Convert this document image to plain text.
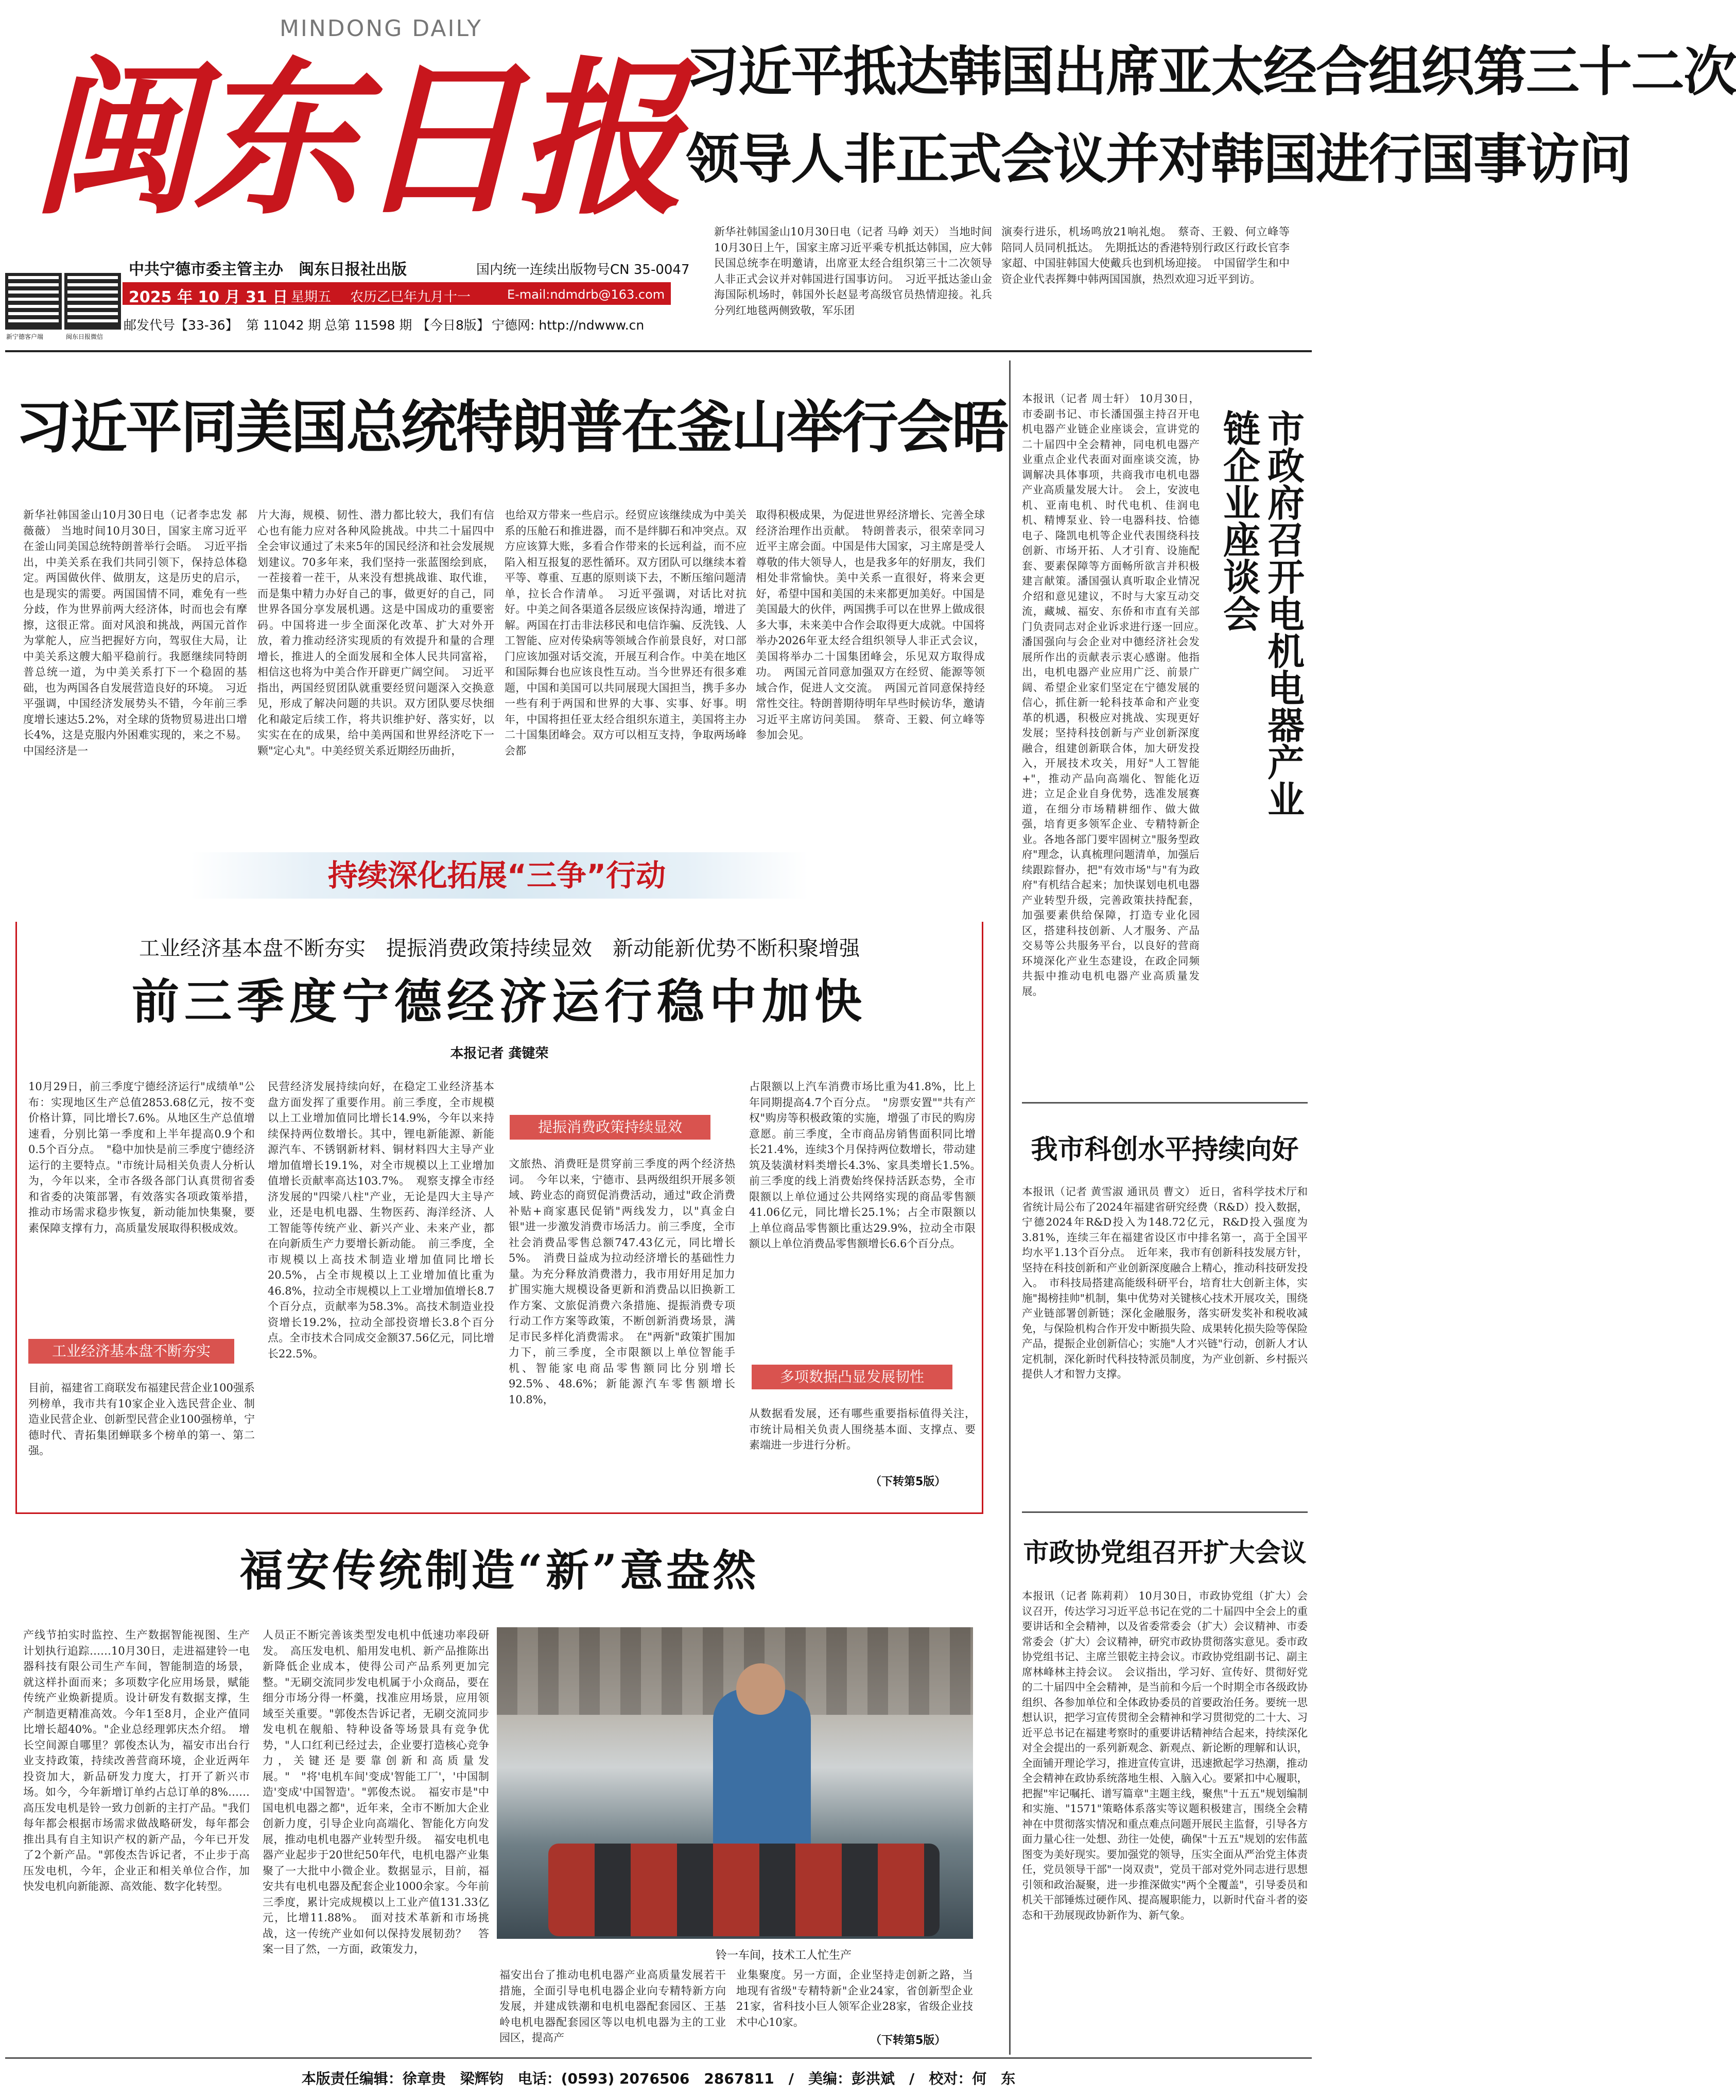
MINDONG DAILY
闽东日报
中共宁德市委主管主办　闽东日报社出版	国内统一连续出版物号CN 35-0047
2025 年 10 月 31 日 星期五 农历乙巳年九月十一	E-mail:ndmdrb@163.com
邮发代号【33-36】 第 11042 期 总第 11598 期 【今日8版】 宁德网: http://ndwww.cn
新宁德客户端	闽东日报微信
习近平抵达韩国出席亚太经合组织第三十二次
领导人非正式会议并对韩国进行国事访问
新华社韩国釜山10月30日电（记者 马峥 刘天） 当地时间10月30日上午，国家主席习近平乘专机抵达韩国，应大韩民国总统李在明邀请，出席亚太经合组织第三十二次领导人非正式会议并对韩国进行国事访问。　习近平抵达釜山金海国际机场时，韩国外长赵显考高级官员热情迎接。礼兵分列红地毯两侧致敬，军乐团
演奏行进乐，机场鸣放21响礼炮。　蔡奇、王毅、何立峰等陪同人员同机抵达。　先期抵达的香港特别行政区行政长官李家超、中国驻韩国大使戴兵也到机场迎接。　中国留学生和中资企业代表挥舞中韩两国国旗，热烈欢迎习近平到访。
习近平同美国总统特朗普在釜山举行会晤
新华社韩国釜山10月30日电（记者李忠发 郝薇薇） 当地时间10月30日，国家主席习近平在釜山同美国总统特朗普举行会晤。　习近平指出，中美关系在我们共同引领下，保持总体稳定。两国做伙伴、做朋友，这是历史的启示，也是现实的需要。两国国情不同，难免有一些分歧，作为世界前两大经济体，时而也会有摩擦，这很正常。面对风浪和挑战，两国元首作为掌舵人，应当把握好方向，驾驭住大局，让中美关系这艘大船平稳前行。我愿继续同特朗普总统一道，为中美关系打下一个稳固的基础，也为两国各自发展营造良好的环境。　习近平强调，中国经济发展势头不错，今年前三季度增长速达5.2%，对全球的货物贸易进出口增长4%，这是克服内外困难实现的，来之不易。中国经济是一
片大海，规模、韧性、潜力都比较大，我们有信心也有能力应对各种风险挑战。中共二十届四中全会审议通过了未来5年的国民经济和社会发展规划建议。70多年来，我们坚持一张蓝图绘到底，一茬接着一茬干，从来没有想挑战谁、取代谁，而是集中精力办好自己的事，做更好的自己，同世界各国分享发展机遇。这是中国成功的重要密码。中国将进一步全面深化改革、扩大对外开放，着力推动经济实现质的有效提升和量的合理增长，推进人的全面发展和全体人民共同富裕，相信这也将为中美合作开辟更广阔空间。　习近平指出，两国经贸团队就重要经贸问题深入交换意见，形成了解决问题的共识。双方团队要尽快细化和敲定后续工作，将共识维护好、落实好，以实实在在的成果，给中美两国和世界经济吃下一颗"定心丸"。中美经贸关系近期经历曲折，
也给双方带来一些启示。经贸应该继续成为中美关系的压舱石和推进器，而不是绊脚石和冲突点。双方应该算大账，多看合作带来的长远利益，而不应陷入相互报复的恶性循环。双方团队可以继续本着平等、尊重、互惠的原则谈下去，不断压缩问题清单，拉长合作清单。　习近平强调，对话比对抗好。中美之间各渠道各层级应该保持沟通，增进了解。两国在打击非法移民和电信诈骗、反洗钱、人工智能、应对传染病等领域合作前景良好，对口部门应该加强对话交流，开展互利合作。中美在地区和国际舞台也应该良性互动。当今世界还有很多难题，中国和美国可以共同展现大国担当，携手多办一些有利于两国和世界的大事、实事、好事。明年，中国将担任亚太经合组织东道主，美国将主办二十国集团峰会。双方可以相互支持，争取两场峰会都
取得积极成果，为促进世界经济增长、完善全球经济治理作出贡献。　特朗普表示，很荣幸同习近平主席会面。中国是伟大国家，习主席是受人尊敬的伟大领导人，也是我多年的好朋友，我们相处非常愉快。美中关系一直很好，将来会更好，希望中国和美国的未来都更加美好。中国是美国最大的伙伴，两国携手可以在世界上做成很多大事，未来美中合作会取得更大成就。中国将举办2026年亚太经合组织领导人非正式会议，美国将举办二十国集团峰会，乐见双方取得成功。　两国元首同意加强双方在经贸、能源等领域合作，促进人文交流。　两国元首同意保持经常性交往。特朗普期待明年早些时候访华，邀请习近平主席访问美国。　蔡奇、王毅、何立峰等参加会见。
持续深化拓展“三争”行动
工业经济基本盘不断夯实　提振消费政策持续显效　新动能新优势不断积聚增强
前三季度宁德经济运行稳中加快
本报记者 龚键荣
10月29日，前三季度宁德经济运行"成绩单"公布：实现地区生产总值2853.68亿元，按不变价格计算，同比增长7.6%。从地区生产总值增速看，分别比第一季度和上半年提高0.9个和0.5个百分点。　"稳中加快是前三季度宁德经济运行的主要特点。"市统计局相关负责人分析认为，今年以来，全市各级各部门认真贯彻省委和省委的决策部署，有效落实各项政策举措，推动市场需求稳步恢复，新动能加快集聚，要素保障支撑有力，高质量发展取得积极成效。
工业经济基本盘不断夯实
目前，福建省工商联发布福建民营企业100强系列榜单，我市共有10家企业入选民营企业、制造业民营企业、创新型民营企业100强榜单，宁德时代、青拓集团蝉联多个榜单的第一、第二强。
民营经济发展持续向好，在稳定工业经济基本盘方面发挥了重要作用。前三季度，全市规模以上工业增加值同比增长14.9%，今年以来持续保持两位数增长。其中，锂电新能源、新能源汽车、不锈钢新材料、铜材料四大主导产业增加值增长19.1%，对全市规模以上工业增加值增长贡献率高达103.7%。　观察支撑全市经济发展的"四梁八柱"产业，无论是四大主导产业，还是电机电器、生物医药、海洋经济、人工智能等传统产业、新兴产业、未来产业，都在向新质生产力要增长新动能。　前三季度，全市规模以上高技术制造业增加值同比增长20.5%，占全市规模以上工业增加值比重为46.8%，拉动全市规模以上工业增加值增长8.7个百分点，贡献率为58.3%。高技术制造业投资增长19.2%，拉动全部投资增长3.8个百分点。全市技术合同成交金额37.56亿元，同比增长22.5%。
提振消费政策持续显效
文旅热、消费旺是贯穿前三季度的两个经济热词。　今年以来，宁德市、县两级组织开展多领域、跨业态的商贸促消费活动，通过"政企消费补贴+商家惠民促销"两线发力，以"真金白银"进一步激发消费市场活力。前三季度，全市社会消费品零售总额747.43亿元，同比增长5%。　消费日益成为拉动经济增长的基础性力量。为充分释放消费潜力，我市用好用足加力扩围实施大规模设备更新和消费品以旧换新工作方案、文旅促消费六条措施、提振消费专项行动工作方案等政策，不断创新消费场景，满足市民多样化消费需求。　在"两新"政策扩围加力下，前三季度，全市限额以上单位智能手机、智能家电商品零售额同比分别增长92.5%、48.6%；新能源汽车零售额增长10.8%，
占限额以上汽车消费市场比重为41.8%，比上年同期提高4.7个百分点。　"房票安置""共有产权"购房等积极政策的实施，增强了市民的购房意愿。前三季度，全市商品房销售面积同比增长21.4%，连续3个月保持两位数增长，带动建筑及装潢材料类增长4.3%、家具类增长1.5%。　前三季度的线上消费始终保持活跃态势，全市限额以上单位通过公共网络实现的商品零售额41.06亿元，同比增长25.1%；占全市限额以上单位商品零售额比重达29.9%，拉动全市限额以上单位消费品零售额增长6.6个百分点。
多项数据凸显发展韧性
从数据看发展，还有哪些重要指标值得关注，市统计局相关负责人围绕基本面、支撑点、要素端进一步进行分析。
（下转第5版）
福安传统制造“新”意盎然
产线节拍实时监控、生产数据智能视图、生产计划执行追踪……10月30日，走进福建铃一电器科技有限公司生产车间，智能制造的场景，就这样扑面而来；多项数字化应用场景，赋能传统产业焕新提质。设计研发有数据支撑，生产制造更精准高效。今年1至8月，企业产值同比增长超40%。"企业总经理郭庆杰介绍。　增长空间源自哪里？郭俊杰认为，福安市出台行业支持政策，持续改善营商环境，企业近两年投资加大，新品研发力度大，打开了新兴市场。如今，今年新增订单约占总订单的8%……　高压发电机是铃一致力创新的主打产品。"我们每年都会根据市场需求做战略研发，每年都会推出具有自主知识产权的新产品，今年已开发了2个新产品。"郭俊杰告诉记者，不止步于高压发电机，今年，企业正和相关单位合作，加快发电机向新能源、高效能、数字化转型。
人员正不断完善该类型发电机中低速功率段研发。　高压发电机、船用发电机、新产品推陈出新降低企业成本，使得公司产品系列更加完整。"无刷交流同步发电机属于小众商品，要在细分市场分得一杯羹，找准应用场景，应用领域至关重要。"郭俊杰告诉记者，无刷交流同步发电机在舰船、特种设备等场景具有竞争优势，"人口红利已经过去，企业要打造核心竞争力，关键还是要靠创新和高质量发展。"　"将'电机车间'变成'智能工厂'，'中国制造'变成'中国智造'。"郭俊杰说。　福安市是"中国电机电器之都"，近年来，全市不断加大企业创新力度，引导企业向高端化、智能化方向发展，推动电机电器产业转型升级。　福安电机电器产业起步于20世纪50年代，电机电器产业集聚了一大批中小微企业。数据显示，目前，福安共有电机电器及配套企业1000余家。今年前三季度，累计完成规模以上工业产值131.33亿元，比增11.88%。　面对技术革新和市场挑战，这一传统产业如何以保持发展韧劲？　答案一目了然，一方面，政策发力，	铃一车间，技术工人忙生产
福安出台了推动电机电器产业高质量发展若干措施，全面引导电机电器企业向专精特新方向发展，并建成铁潮和电机电器配套园区、王基岭电机电器配套园区等以电机电器为主的工业园区，提高产
业集聚度。另一方面，企业坚持走创新之路，当地现有省级"专精特新"企业24家，省创新型企业21家，省科技小巨人领军企业28家，省级企业技术中心10家。
（下转第5版）
市政府召开电机电器产业链企业座谈会
本报讯（记者 周士轩） 10月30日，市委副书记、市长潘国强主持召开电机电器产业链企业座谈会，宣讲党的二十届四中全会精神，同电机电器产业重点企业代表面对面座谈交流，协调解决具体事项，共商我市电机电器产业高质量发展大计。　会上，安波电机、亚南电机、时代电机、佳润电机、精博泵业、铃一电器科技、恰德电子、隆凯电机等企业代表围绕科技创新、市场开拓、人才引育、设施配套、要素保障等方面畅所欲言并积极建言献策。潘国强认真听取企业情况介绍和意见建议，不时与大家互动交流，藏城、福安、东侨和市直有关部门负责同志对企业诉求进行逐一回应。　潘国强向与会企业对中德经济社会发展所作出的贡献表示衷心感谢。他指出，电机电器产业应用广泛、前景广阔、希望企业家们坚定在宁德发展的信心，抓住新一轮科技革命和产业变革的机遇，积极应对挑战、实现更好发展；坚持科技创新与产业创新深度融合，组建创新联合体，加大研发投入，开展技术攻关，用好"人工智能+"，推动产品向高端化、智能化迈进；立足企业自身优势，选准发展赛道，在细分市场精耕细作、做大做强，培育更多领军企业、专精特新企业。各地各部门要牢固树立"服务型政府"理念，认真梳理问题清单，加强后续跟踪督办，把"有效市场"与"有为政府"有机结合起来；加快谋划电机电器产业转型升级，完善政策扶持配套，加强要素供给保障，打造专业化园区，搭建科技创新、人才服务、产品交易等公共服务平台，以良好的营商环境深化产业生态建设，在政企同频共振中推动电机电器产业高质量发展。
我市科创水平持续向好
本报讯（记者 黄雪淑 通讯员 曹文） 近日，省科学技术厅和省统计局公布了2024年福建省研究经费（R&D）投入数据，宁德2024年R&D投入为148.72亿元，R&D投入强度为3.81%，连续三年在福建省设区市中排名第一，高于全国平均水平1.13个百分点。　近年来，我市有创新科技发展方针，坚持在科技创新和产业创新深度融合上精心，推动科技研发投入。　市科技局搭建高能级科研平台，培育壮大创新主体，实施"揭榜挂帅"机制，集中优势对关键核心技术开展攻关，围绕产业链部署创新链；深化金融服务，落实研发奖补和税收减免，与保险机构合作开发中断损失险、成果转化损失险等保险产品，提振企业创新信心；实施"人才兴链"行动，创新人才认定机制，深化新时代科技特派员制度，为产业创新、乡村振兴提供人才和智力支撑。
市政协党组召开扩大会议
本报讯（记者 陈莉莉） 10月30日，市政协党组（扩大）会议召开，传达学习习近平总书记在党的二十届四中全会上的重要讲话和全会精神，以及省委常委会（扩大）会议精神、市委常委会（扩大）会议精神，研究市政协贯彻落实意见。委市政协党组书记、主席兰银乾主持会议。市政协党组副书记、副主席林峰林主持会议。　会议指出，学习好、宣传好、贯彻好党的二十届四中全会精神，是当前和今后一个时期全市各级政协组织、各参加单位和全体政协委员的首要政治任务。要统一思想认识，把学习宣传贯彻全会精神和学习贯彻党的二十大、习近平总书记在福建考察时的重要讲话精神结合起来，持续深化对全会提出的一系列新观念、新观点、新论断的理解和认识，全面铺开理论学习，推进宣传宣讲，迅速掀起学习热潮，推动全会精神在政协系统落地生根、入脑入心。要紧扣中心履职，把握"牢记嘱托、谱写篇章"主题主线，聚焦"十五五"规划编制和实施、"1571"策略体系落实等议题积极建言，围绕全会精神在中贯彻落实情况和重点难点问题开展民主监督，引导各方面力量心往一处想、劲往一处使，确保"十五五"规划的宏伟蓝图变为美好现实。要加强党的领导，压实全面从严治党主体责任，党员领导干部"一岗双责"，党员干部对党外同志进行思想引领和政治凝聚，进一步推深做实"两个全覆盖"，引导委员和机关干部锤炼过硬作风、提高履职能力，以新时代奋斗者的姿态和干劲展现政协新作为、新气象。
本版责任编辑：徐章贵　梁辉钧　电话：(0593) 2076506　2867811　/　美编：彭洪斌　/　校对：何　东
